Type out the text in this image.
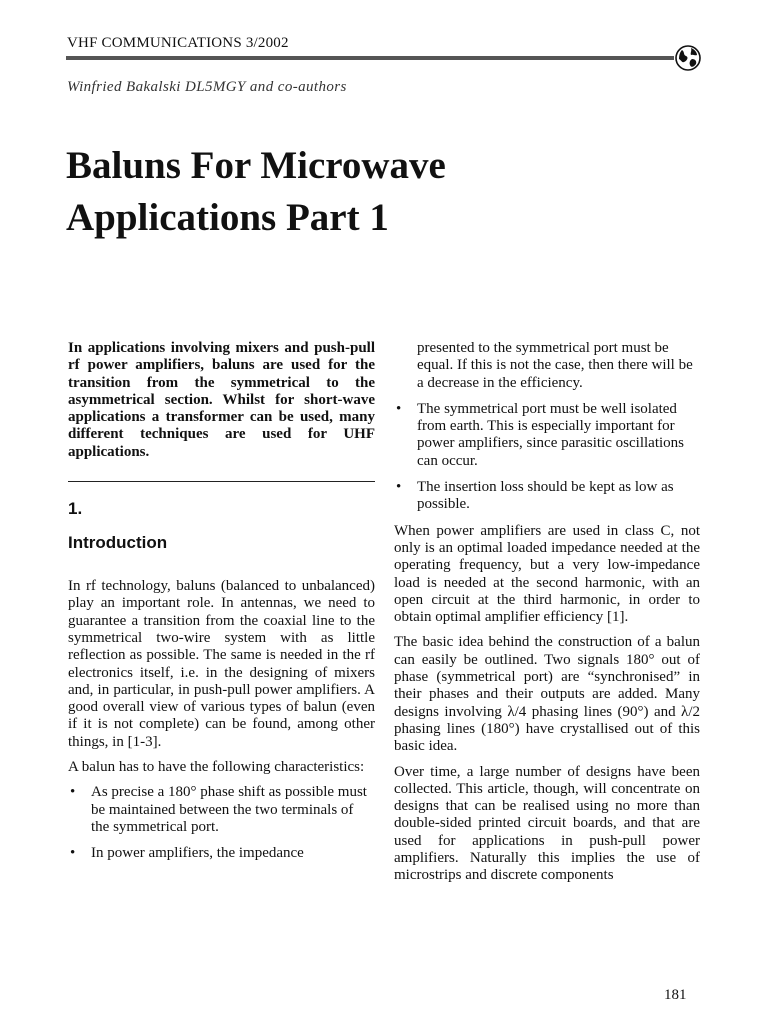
VHF COMMUNICATIONS 3/2002
Winfried Bakalski DL5MGY and co-authors
Baluns For Microwave
Applications Part 1

In applications involving mixers and push-pull rf power amplifiers, baluns are used for the transition from the symmetrical to the asymmetrical section. Whilst for short-wave applications a transformer can be used, many different techniques are used for UHF applications.

1.
Introduction

In rf technology, baluns (balanced to unbalanced) play an important role. In antennas, we need to guarantee a transition from the coaxial line to the symmetrical two-wire system with as little reflection as possible. The same is needed in the rf electronics itself, i.e. in the designing of mixers and, in particular, in push-pull power amplifiers. A good overall view of various types of balun (even if it is not complete) can be found, among other things, in [1-3].

A balun has to have the following characteristics:

• As precise a 180° phase shift as possible must be maintained between the two terminals of the symmetrical port.
• In power amplifiers, the impedance
presented to the symmetrical port must be equal. If this is not the case, then there will be a decrease in the efficiency.
• The symmetrical port must be well isolated from earth. This is especially important for power amplifiers, since parasitic oscillations can occur.
• The insertion loss should be kept as low as possible.

When power amplifiers are used in class C, not only is an optimal loaded impedance needed at the operating frequency, but a very low-impedance load is needed at the second harmonic, with an open circuit at the third harmonic, in order to obtain optimal amplifier efficiency [1].

The basic idea behind the construction of a balun can easily be outlined. Two signals 180° out of phase (symmetrical port) are “synchronised” in their phases and their outputs are added. Many designs involving λ/4 phasing lines (90°) and λ/2 phasing lines (180°) have crystallised out of this basic idea.

Over time, a large number of designs have been collected. This article, though, will concentrate on designs that can be realised using no more than double-sided printed circuit boards, and that are used for applications in push-pull power amplifiers. Naturally this implies the use of microstrips and discrete components

181
